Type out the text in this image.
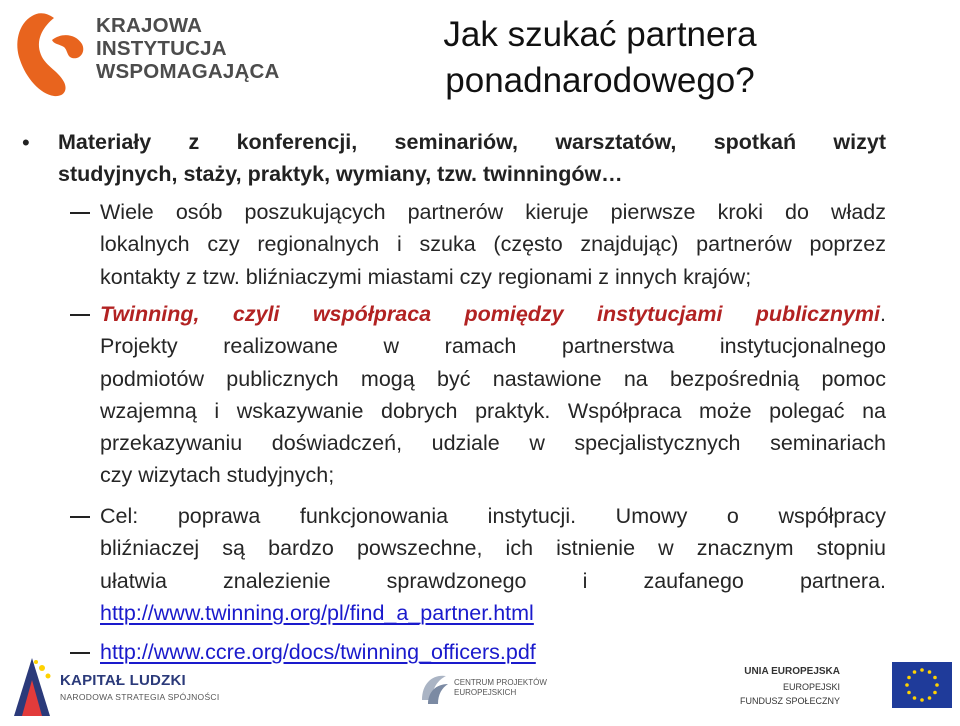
KRAJOWA
INSTYTUCJA
WSPOMAGAJĄCA
Jak szukać partnera
ponadnarodowego?
•	Materiały z konferencji, seminariów, warsztatów, spotkań wizyt
studyjnych, staży, praktyk, wymiany, tzw. twinningów…
Wiele osób poszukujących partnerów kieruje pierwsze kroki do władz
lokalnych czy regionalnych i szuka (często znajdując) partnerów poprzez
kontakty z tzw. bliźniaczymi miastami czy regionami z innych krajów;
Twinning, czyli współpraca pomiędzy instytucjami publicznymi.
Projekty realizowane w ramach partnerstwa instytucjonalnego
podmiotów publicznych mogą być nastawione na bezpośrednią pomoc
wzajemną i wskazywanie dobrych praktyk. Współpraca może polegać na
przekazywaniu doświadczeń, udziale w specjalistycznych seminariach
czy wizytach studyjnych;
Cel: poprawa funkcjonowania instytucji. Umowy o współpracy
bliźniaczej są bardzo powszechne, ich istnienie w znacznym stopniu
ułatwia znalezienie sprawdzonego i zaufanego partnera.
http://www.twinning.org/pl/find_a_partner.html
http://www.ccre.org/docs/twinning_officers.pdf
KAPITAŁ LUDZKI
NARODOWA STRATEGIA SPÓJNOŚCI
CENTRUM PROJEKTÓW
EUROPEJSKICH
UNIA EUROPEJSKA
EUROPEJSKI
FUNDUSZ SPOŁECZNY
